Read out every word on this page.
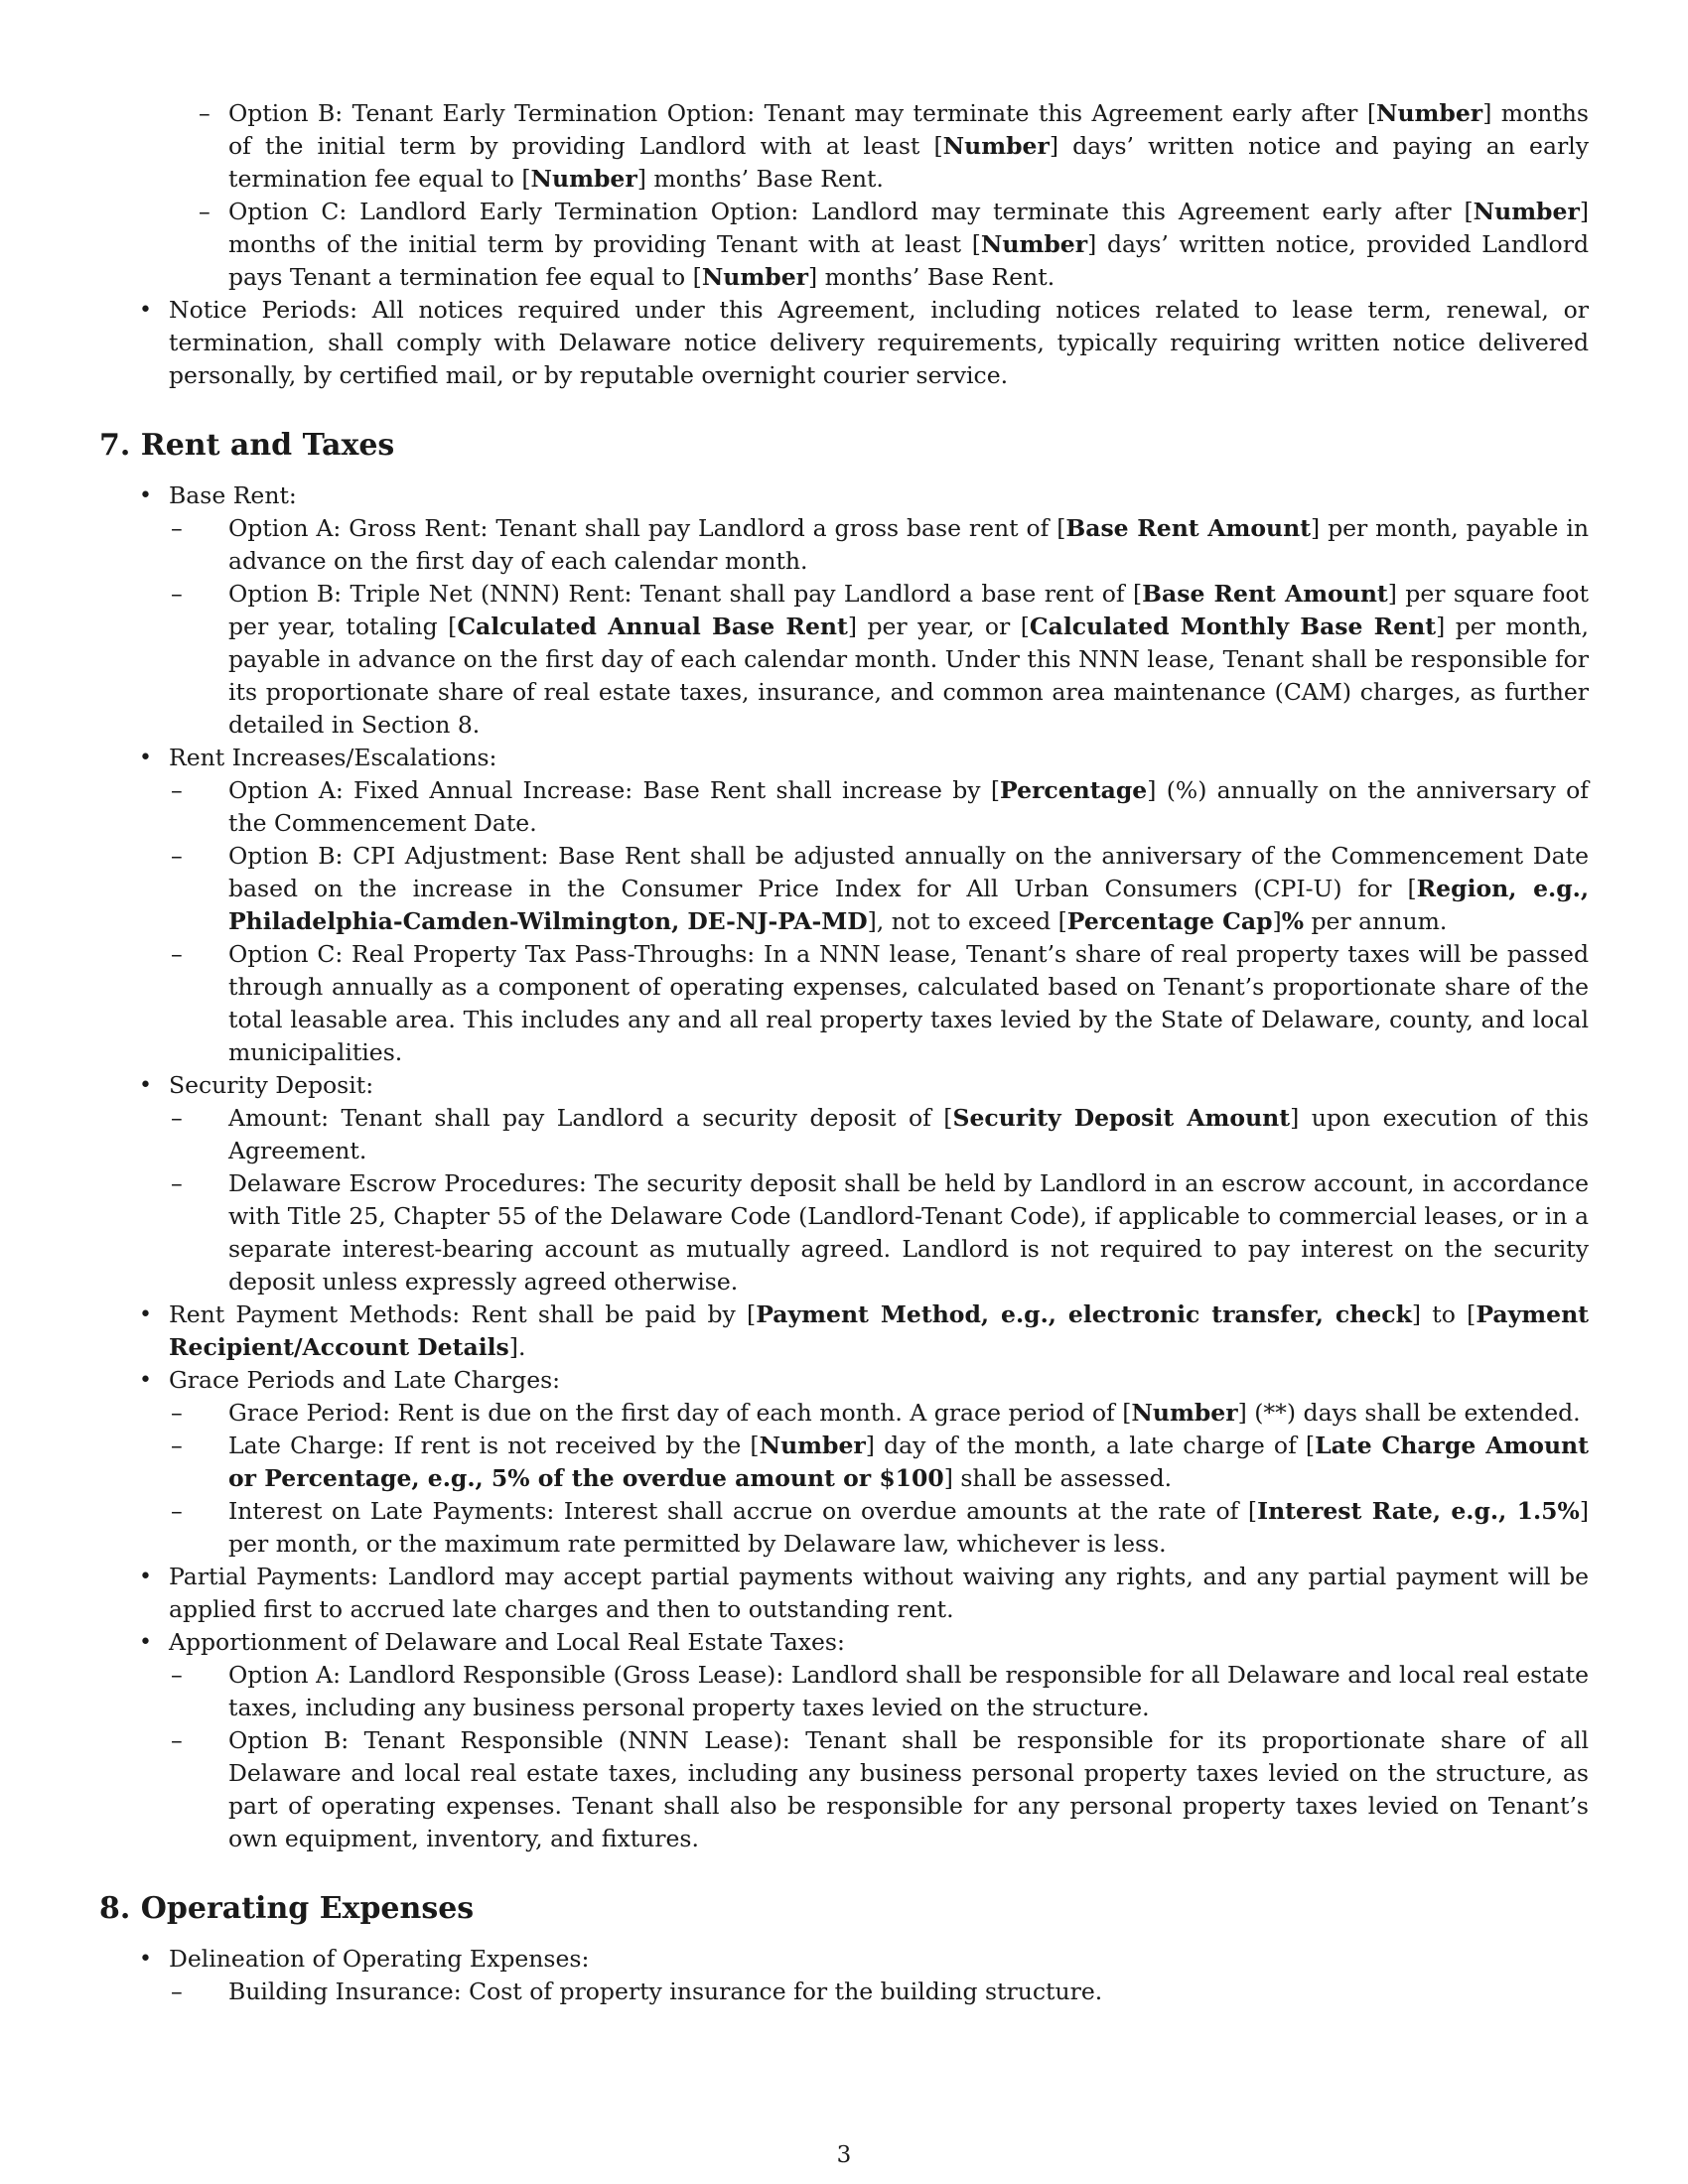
– Option B: Tenant Early Termination Option: Tenant may terminate this Agreement early after [Number] months of the initial term by providing Landlord with at least [Number] days’ written notice and paying an early termination fee equal to [Number] months’ Base Rent.
– Option C: Landlord Early Termination Option: Landlord may terminate this Agreement early after [Number] months of the initial term by providing Tenant with at least [Number] days’ written notice, provided Landlord pays Tenant a termination fee equal to [Number] months’ Base Rent.
• Notice Periods: All notices required under this Agreement, including notices related to lease term, renewal, or termination, shall comply with Delaware notice delivery requirements, typically requiring written notice delivered personally, by certified mail, or by reputable overnight courier service.
7. Rent and Taxes
• Base Rent:
– Option A: Gross Rent: Tenant shall pay Landlord a gross base rent of [Base Rent Amount] per month, payable in advance on the first day of each calendar month.
– Option B: Triple Net (NNN) Rent: Tenant shall pay Landlord a base rent of [Base Rent Amount] per square foot per year, totaling [Calculated Annual Base Rent] per year, or [Calculated Monthly Base Rent] per month, payable in advance on the first day of each calendar month. Under this NNN lease, Tenant shall be responsible for its proportionate share of real estate taxes, insurance, and common area maintenance (CAM) charges, as further detailed in Section 8.
• Rent Increases/Escalations:
– Option A: Fixed Annual Increase: Base Rent shall increase by [Percentage] (%) annually on the anniversary of the Commencement Date.
– Option B: CPI Adjustment: Base Rent shall be adjusted annually on the anniversary of the Commencement Date based on the increase in the Consumer Price Index for All Urban Consumers (CPI-U) for [Region, e.g., Philadelphia-Camden-Wilmington, DE-NJ-PA-MD], not to exceed [Percentage Cap]% per annum.
– Option C: Real Property Tax Pass-Throughs: In a NNN lease, Tenant’s share of real property taxes will be passed through annually as a component of operating expenses, calculated based on Tenant’s proportionate share of the total leasable area. This includes any and all real property taxes levied by the State of Delaware, county, and local municipalities.
• Security Deposit:
– Amount: Tenant shall pay Landlord a security deposit of [Security Deposit Amount] upon execution of this Agreement.
– Delaware Escrow Procedures: The security deposit shall be held by Landlord in an escrow account, in accordance with Title 25, Chapter 55 of the Delaware Code (Landlord-Tenant Code), if applicable to commercial leases, or in a separate interest-bearing account as mutually agreed. Landlord is not required to pay interest on the security deposit unless expressly agreed otherwise.
• Rent Payment Methods: Rent shall be paid by [Payment Method, e.g., electronic transfer, check] to [Payment Recipient/Account Details].
• Grace Periods and Late Charges:
– Grace Period: Rent is due on the first day of each month. A grace period of [Number] (**) days shall be extended.
– Late Charge: If rent is not received by the [Number] day of the month, a late charge of [Late Charge Amount or Percentage, e.g., 5% of the overdue amount or $100] shall be assessed.
– Interest on Late Payments: Interest shall accrue on overdue amounts at the rate of [Interest Rate, e.g., 1.5%] per month, or the maximum rate permitted by Delaware law, whichever is less.
• Partial Payments: Landlord may accept partial payments without waiving any rights, and any partial payment will be applied first to accrued late charges and then to outstanding rent.
• Apportionment of Delaware and Local Real Estate Taxes:
– Option A: Landlord Responsible (Gross Lease): Landlord shall be responsible for all Delaware and local real estate taxes, including any business personal property taxes levied on the structure.
– Option B: Tenant Responsible (NNN Lease): Tenant shall be responsible for its proportionate share of all Delaware and local real estate taxes, including any business personal property taxes levied on the structure, as part of operating expenses. Tenant shall also be responsible for any personal property taxes levied on Tenant’s own equipment, inventory, and fixtures.
8. Operating Expenses
• Delineation of Operating Expenses:
– Building Insurance: Cost of property insurance for the building structure.
3
